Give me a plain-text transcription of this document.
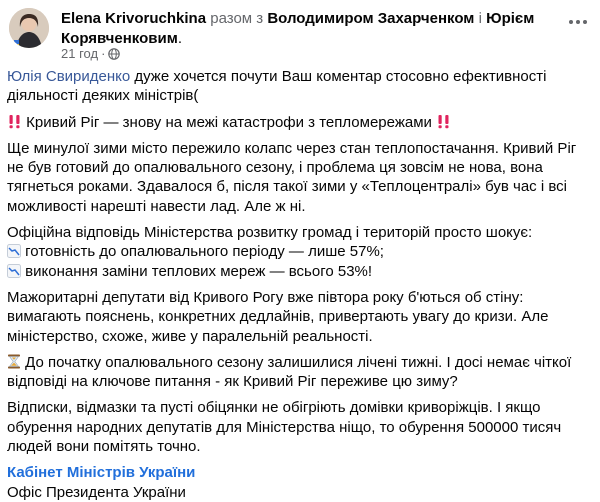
Elena Krivoruchkina разом з Володимиром Захарченком і Юрієм Корявченковим.
21 год ·

Юлія Свириденко дуже хочется почути Ваш коментар стосовно ефективності діяльності деяких міністрів(

Кривий Ріг — знову на межі катастрофи з тепломережами

Ще минулої зими місто пережило колапс через стан теплопостачання. Кривий Ріг не був готовий до опалювального сезону, і проблема ця зовсім не нова, вона тягнеться роками. Здавалося б, після такої зими у «Теплоцентралі» був час і всі можливості нарешті навести лад. Але ж ні.

Офіційна відповідь Міністерства розвитку громад і територій просто шокує:

готовність до опалювального періоду — лише 57%;

виконання заміни теплових мереж — всього 53%!

Мажоритарні депутати від Кривого Рогу вже півтора року б'ються об стіну: вимагають пояснень, конкретних дедлайнів, привертають увагу до кризи. Але міністерство, схоже, живе у паралельній реальності.

До початку опалювального сезону залишилися лічені тижні. І досі немає чіткої відповіді на ключове питання - як Кривий Ріг переживе цю зиму?

Відписки, відмазки та пусті обіцянки не обігріють домівки криворіжців. І якщо обурення народних депутатів для Міністерства ніщо, то обурення 500000 тисяч людей вони помітять точно.

Кабінет Міністрів України

Офіс Президента України
